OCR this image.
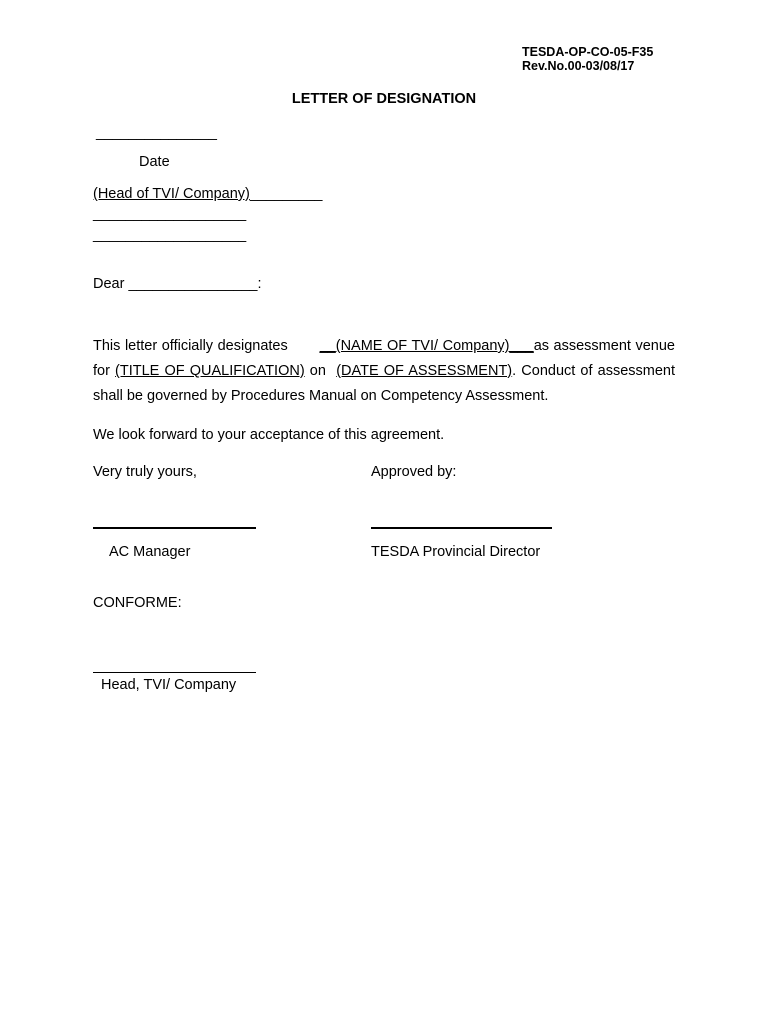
TESDA-OP-CO-05-F35
Rev.No.00-03/08/17
LETTER OF DESIGNATION
_______________
Date
(Head of TVI/ Company)_________
___________________
___________________
Dear ________________:
This letter officially designates __(NAME OF TVI/ Company)___as assessment venue for (TITLE OF QUALIFICATION) on (DATE OF ASSESSMENT). Conduct of assessment shall be governed by Procedures Manual on Competency Assessment.
We look forward to your acceptance of this agreement.
Very truly yours,	Approved by:
AC Manager	TESDA Provincial Director
CONFORME:
Head, TVI/ Company
